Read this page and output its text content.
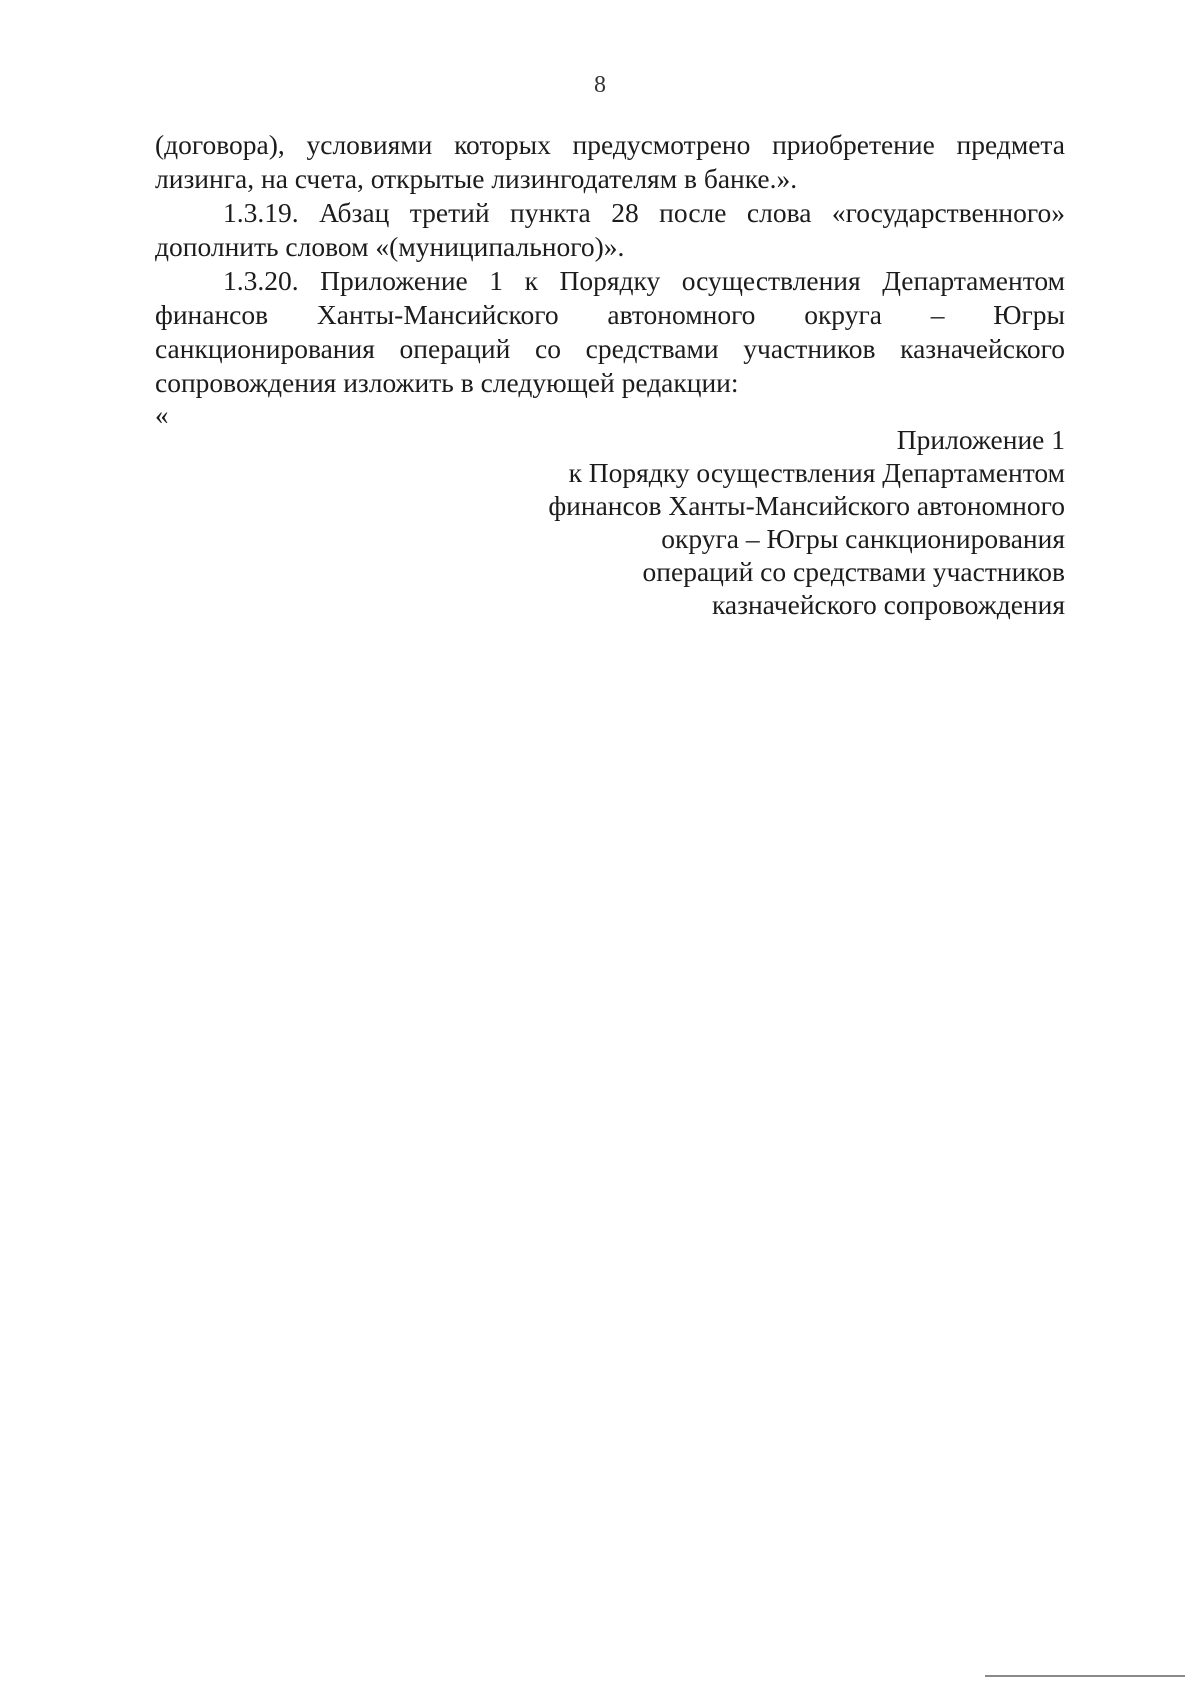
8

(договора), условиями которых предусмотрено приобретение предмета
лизинга, на счета, открытые лизингодателям в банке.».

1.3.19. Абзац третий пункта 28 после слова «государственного»
дополнить словом «(муниципального)».

1.3.20. Приложение 1 к Порядку осуществления Департаментом
финансов Ханты-Мансийского автономного округа – Югры
санкционирования операций со средствами участников казначейского
сопровождения изложить в следующей редакции:

«
Приложение 1
к Порядку осуществления Департаментом
финансов Ханты-Мансийского автономного
округа – Югры санкционирования
операций со средствами участников
казначейского сопровождения
